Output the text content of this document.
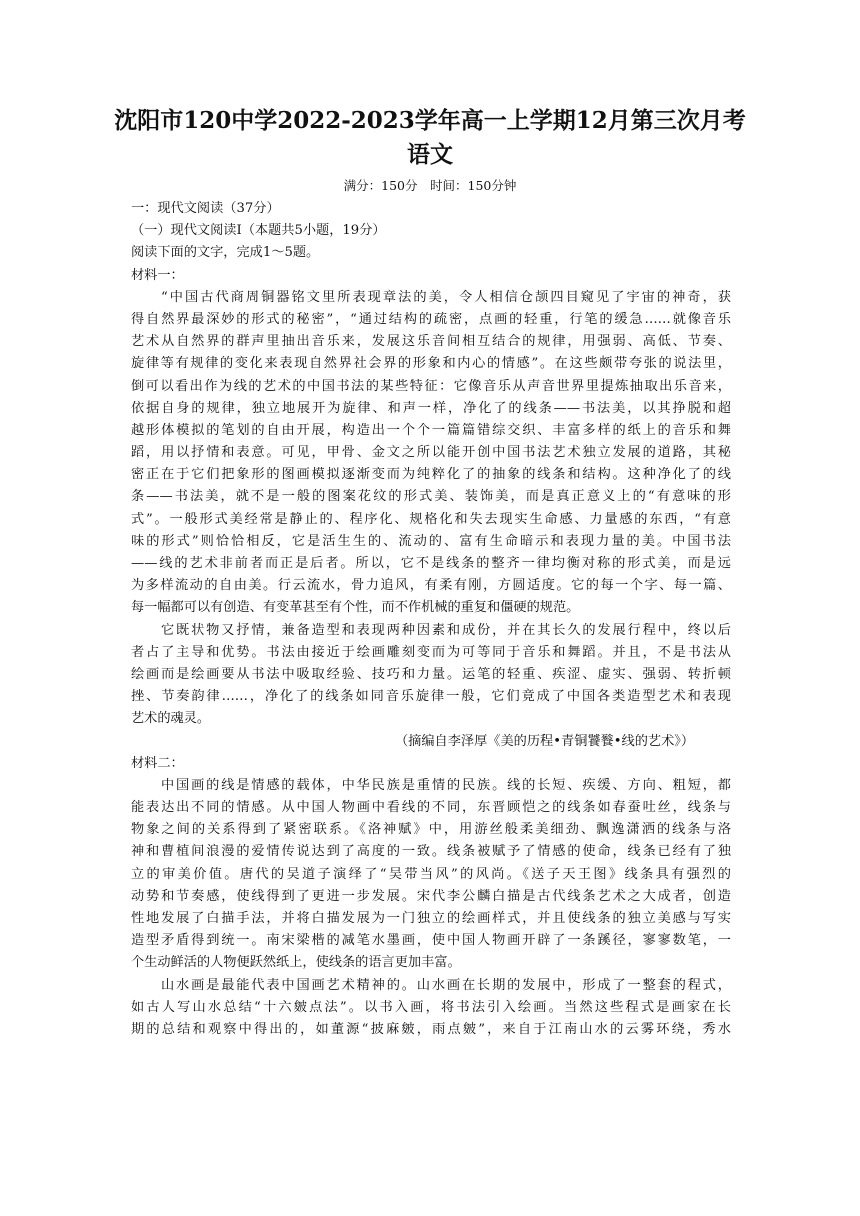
沈阳市120中学2022-2023学年高一上学期12月第三次月考
语文
满分：150分　时间：150分钟
一：现代文阅读（37分）
（一）现代文阅读Ⅰ（本题共5小题，19分）
阅读下面的文字，完成1～5题。
材料一：
“中国古代商周铜器铭文里所表现章法的美，令人相信仓颉四目窥见了宇宙的神奇，获
得自然界最深妙的形式的秘密”，“通过结构的疏密，点画的轻重，行笔的缓急……就像音乐
艺术从自然界的群声里抽出音乐来，发展这乐音间相互结合的规律，用强弱、高低、节奏、
旋律等有规律的变化来表现自然界社会界的形象和内心的情感”。在这些颇带夸张的说法里，
倒可以看出作为线的艺术的中国书法的某些特征：它像音乐从声音世界里提炼抽取出乐音来，
依据自身的规律，独立地展开为旋律、和声一样，净化了的线条——书法美，以其挣脱和超
越形体模拟的笔划的自由开展，构造出一个个一篇篇错综交织、丰富多样的纸上的音乐和舞
蹈，用以抒情和表意。可见，甲骨、金文之所以能开创中国书法艺术独立发展的道路，其秘
密正在于它们把象形的图画模拟逐渐变而为纯粹化了的抽象的线条和结构。这种净化了的线
条——书法美，就不是一般的图案花纹的形式美、装饰美，而是真正意义上的“有意味的形
式”。一般形式美经常是静止的、程序化、规格化和失去现实生命感、力量感的东西，“有意
味的形式”则恰恰相反，它是活生生的、流动的、富有生命暗示和表现力量的美。中国书法
——线的艺术非前者而正是后者。所以，它不是线条的整齐一律均衡对称的形式美，而是远
为多样流动的自由美。行云流水，骨力追风，有柔有刚，方圆适度。它的每一个字、每一篇、
每一幅都可以有创造、有变革甚至有个性，而不作机械的重复和僵硬的规范。
它既状物又抒情，兼备造型和表现两种因素和成份，并在其长久的发展行程中，终以后
者占了主导和优势。书法由接近于绘画雕刻变而为可等同于音乐和舞蹈。并且，不是书法从
绘画而是绘画要从书法中吸取经验、技巧和力量。运笔的轻重、疾涩、虚实、强弱、转折顿
挫、节奏韵律……，净化了的线条如同音乐旋律一般，它们竟成了中国各类造型艺术和表现
艺术的魂灵。
（摘编自李泽厚《美的历程•青铜饕餮•线的艺术》）
材料二：
中国画的线是情感的载体，中华民族是重情的民族。线的长短、疾缓、方向、粗短，都
能表达出不同的情感。从中国人物画中看线的不同，东晋顾恺之的线条如春蚕吐丝，线条与
物象之间的关系得到了紧密联系。《洛神赋》中，用游丝般柔美细劲、飘逸潇洒的线条与洛
神和曹植间浪漫的爱情传说达到了高度的一致。线条被赋予了情感的使命，线条已经有了独
立的审美价值。唐代的吴道子演绎了“吴带当风”的风尚。《送子天王图》线条具有强烈的
动势和节奏感，使线得到了更进一步发展。宋代李公麟白描是古代线条艺术之大成者，创造
性地发展了白描手法，并将白描发展为一门独立的绘画样式，并且使线条的独立美感与写实
造型矛盾得到统一。南宋梁楷的减笔水墨画，使中国人物画开辟了一条蹊径，寥寥数笔，一
个生动鲜活的人物便跃然纸上，使线条的语言更加丰富。
山水画是最能代表中国画艺术精神的。山水画在长期的发展中，形成了一整套的程式，
如古人写山水总结“十六皴点法”。以书入画，将书法引入绘画。当然这些程式是画家在长
期的总结和观察中得出的，如董源“披麻皴，雨点皴”，来自于江南山水的云雾环绕，秀水
